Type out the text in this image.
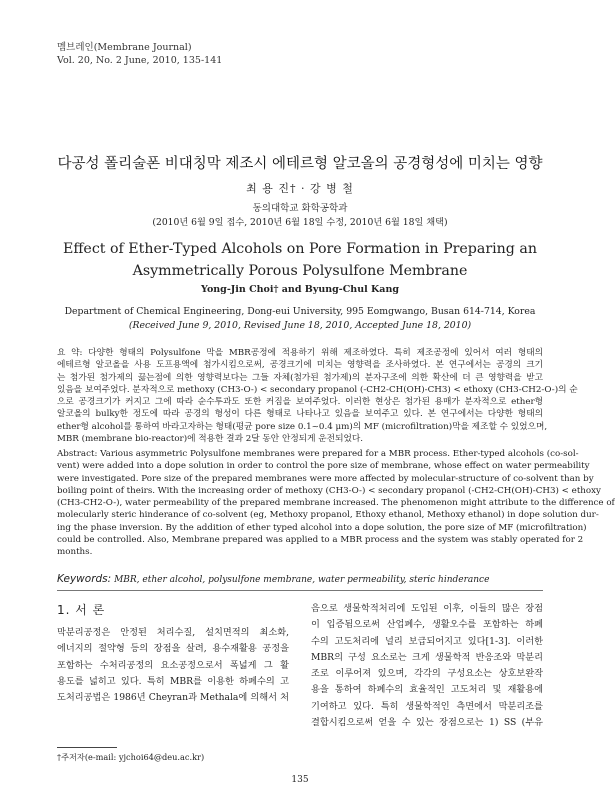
멤브레인(Membrane Journal)
Vol. 20, No. 2 June, 2010, 135-141
다공성 폴리술폰 비대칭막 제조시 에테르형 알코올의 공경형성에 미치는 영향
최 용 진† · 강 병 철
동의대학교 화학공학과
(2010년 6월 9일 접수, 2010년 6월 18일 수정, 2010년 6월 18일 채택)
Effect of Ether-Typed Alcohols on Pore Formation in Preparing an
Asymmetrically Porous Polysulfone Membrane
Yong-Jin Choi† and Byung-Chul Kang
Department of Chemical Engineering, Dong-eui University, 995 Eomgwango, Busan 614-714, Korea
(Received June 9, 2010, Revised June 18, 2010, Accepted June 18, 2010)
요 약: 다양한 형태의 Polysulfone 막을 MBR공정에 적용하기 위해 제조하였다. 특히 제조공정에 있어서 여러 형태의
에테르형 알코올을 사용 도프용액에 첨가시킴으로써, 공경크기에 미치는 영향력을 조사하였다. 본 연구에서는 공경의 크기
는 첨가된 첨가제의 끓는점에 의한 영향력보다는 그들 자체(첨가된 첨가제)의 분자구조에 의한 확산에 더 큰 영향력을 받고
있음을 보여주었다. 분자적으로 methoxy (CH3-O-) < secondary propanol (-CH2-CH(OH)-CH3) < ethoxy (CH3-CH2-O-)의 순
으로 공경크기가 커지고 그에 따라 순수투과도 또한 커짐을 보여주었다. 이러한 현상은 첨가된 용매가 분자적으로 ether형
알코올의 bulky한 정도에 따라 공경의 형성이 다른 형태로 나타나고 있음을 보여주고 있다. 본 연구에서는 다양한 형태의
ether형 alcohol를 통하여 바라고자하는 형태(평균 pore size 0.1~0.4 μm)의 MF (microfiltration)막을 제조할 수 있었으며,
MBR (membrane bio-reactor)에 적용한 결과 2달 동안 안정되게 운전되었다.
Abstract: Various asymmetric Polysulfone membranes were prepared for a MBR process. Ether-typed alcohols (co-sol-
vent) were added into a dope solution in order to control the pore size of membrane, whose effect on water permeability
were investigated. Pore size of the prepared membranes were more affected by molecular-structure of co-solvent than by
boiling point of theirs. With the increasing order of methoxy (CH3-O-) < secondary propanol (-CH2-CH(OH)-CH3) < ethoxy
(CH3-CH2-O-), water permeability of the prepared membrane increased. The phenomenon might attribute to the difference of
molecularly steric hinderance of co-solvent (eg, Methoxy propanol, Ethoxy ethanol, Methoxy ethanol) in dope solution dur-
ing the phase inversion. By the addition of ether typed alcohol into a dope solution, the pore size of MF (microfiltration)
could be controlled. Also, Membrane prepared was applied to a MBR process and the system was stably operated for 2
months.
Keywords: MBR, ether alcohol, polysulfone membrane, water permeability, steric hinderance
1. 서 론
막분리공정은 안정된 처리수질, 설치면적의 최소화,
에너지의 절약형 등의 장점을 살려, 용수재활용 공정을
포함하는 수처리공정의 요소공정으로서 폭넓게 그 활
용도를 넓히고 있다. 특히 MBR를 이용한 하폐수의 고
도처리공법은 1986년 Cheyran과 Methala에 의해서 처
음으로 생물학적처리에 도입된 이후, 이들의 많은 장점
이 입증됨으로써 산업폐수, 생활오수를 포함하는 하폐
수의 고도처리에 널리 보급되어지고 있다[1-3]. 이러한
MBR의 구성 요소로는 크게 생물학적 반응조와 막분리
조로 이루어져 있으며, 각각의 구성요소는 상호보완작
용을 통하여 하폐수의 효율적인 고도처리 및 재활용에
기여하고 있다. 특히 생물학적인 측면에서 막분리조를
결합시킴으로써 얻을 수 있는 장점으로는 1) SS (부유
†주저자(e-mail: yjchoi64@deu.ac.kr)
135
